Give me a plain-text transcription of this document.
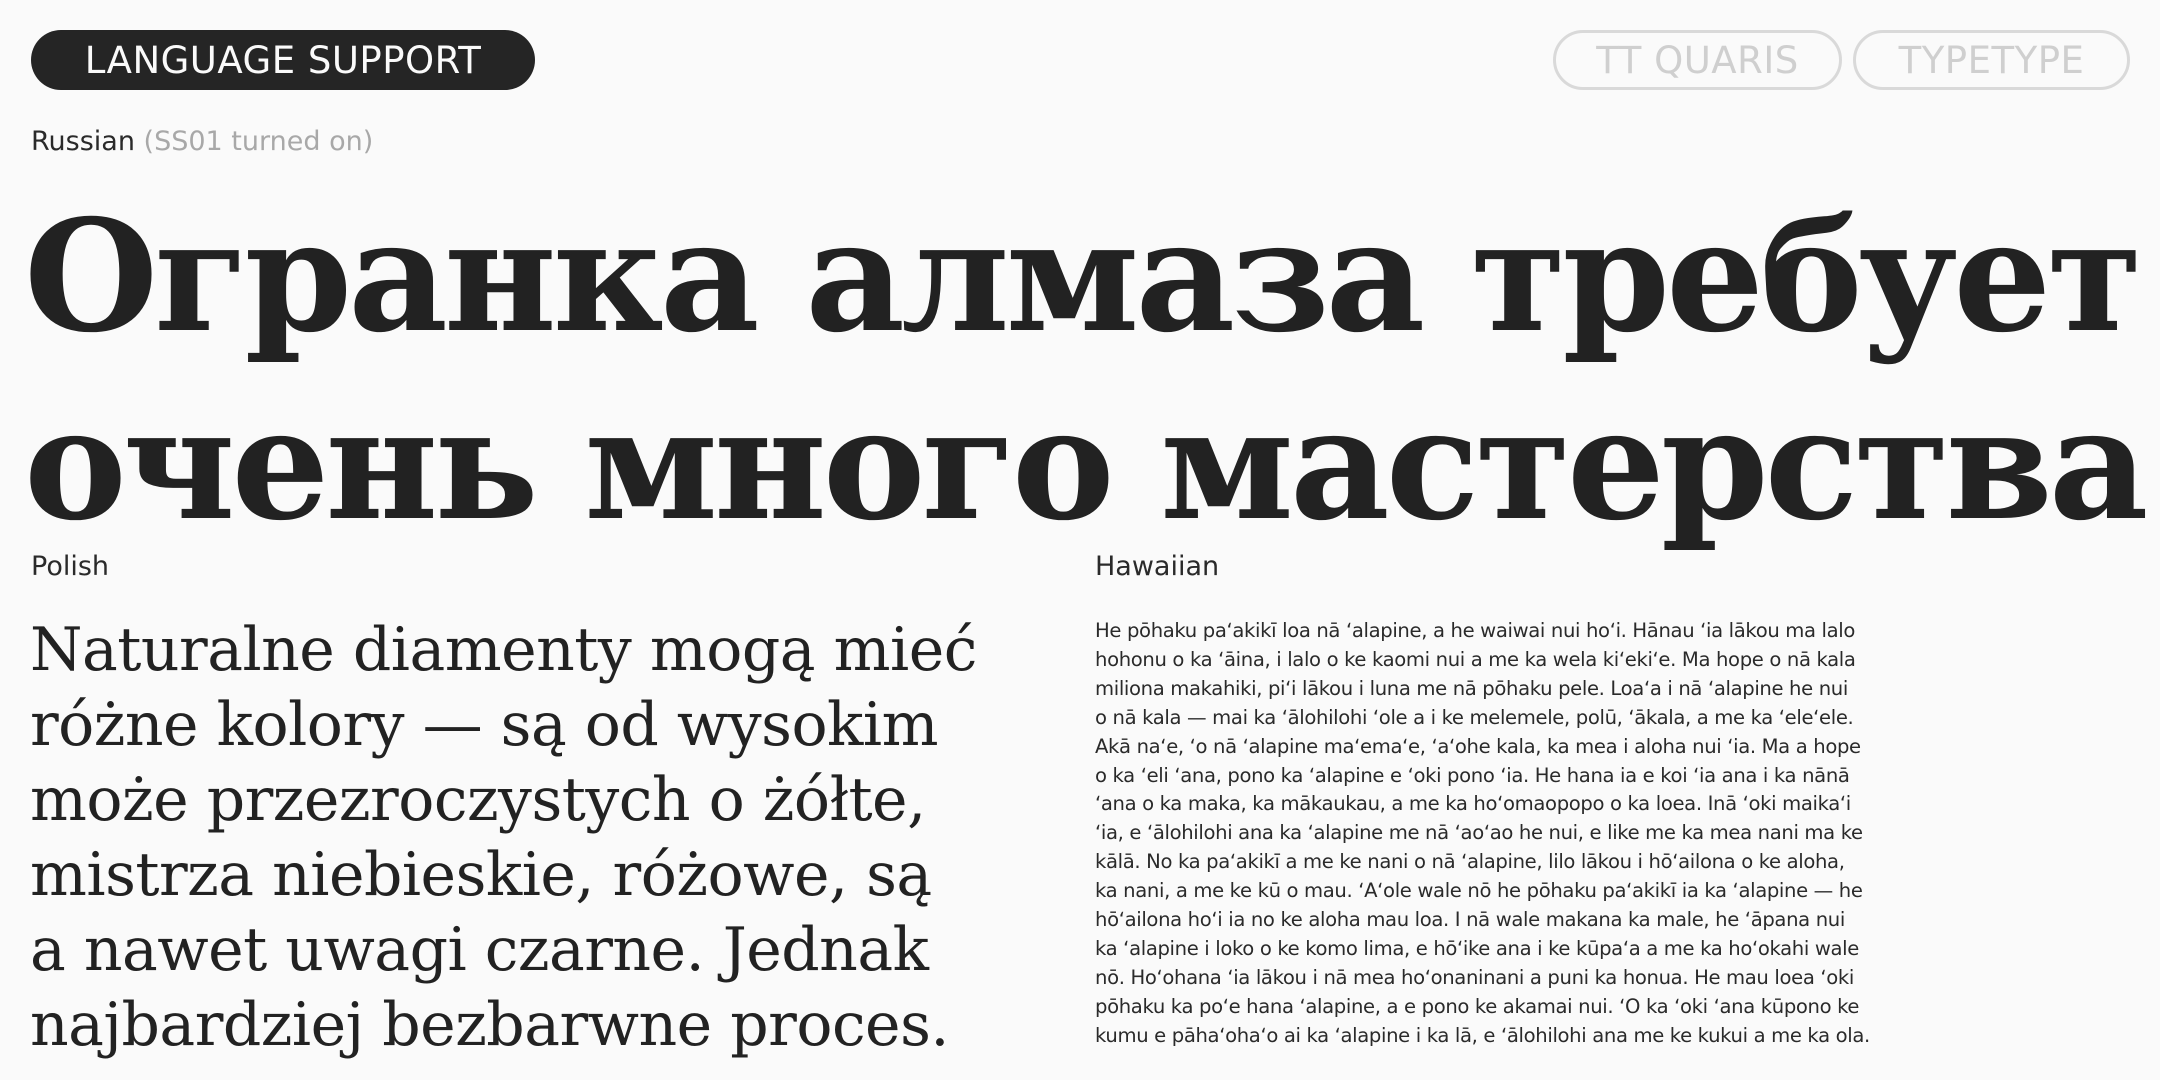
LANGUAGE SUPPORT	TT QUARIS	TYPETYPE
Russian (SS01 turned on)
Огранка алмаза требует
очень много мастерства
Polish	Hawaiian
Naturalne diamenty mogą mieć
różne kolory — są od wysokim
może przezroczystych o żółte,
mistrza niebieskie, różowe, są
a nawet uwagi czarne. Jednak
najbardziej bezbarwne proces.
He pōhaku paʻakikī loa nā ʻalapine, a he waiwai nui hoʻi. Hānau ʻia lākou ma lalo
hohonu o ka ʻāina, i lalo o ke kaomi nui a me ka wela kiʻekiʻe. Ma hope o nā kala
miliona makahiki, piʻi lākou i luna me nā pōhaku pele. Loaʻa i nā ʻalapine he nui
o nā kala — mai ka ʻālohilohi ʻole a i ke melemele, polū, ʻākala, a me ka ʻeleʻele.
Akā naʻe, ʻo nā ʻalapine maʻemaʻe, ʻaʻohe kala, ka mea i aloha nui ʻia. Ma a hope
o ka ʻeli ʻana, pono ka ʻalapine e ʻoki pono ʻia. He hana ia e koi ʻia ana i ka nānā
ʻana o ka maka, ka mākaukau, a me ka hoʻomaopopo o ka loea. Inā ʻoki maikaʻi
ʻia, e ʻālohilohi ana ka ʻalapine me nā ʻaoʻao he nui, e like me ka mea nani ma ke
kālā. No ka paʻakikī a me ke nani o nā ʻalapine, lilo lākou i hōʻailona o ke aloha,
ka nani, a me ke kū o mau. ʻAʻole wale nō he pōhaku paʻakikī ia ka ʻalapine — he
hōʻailona hoʻi ia no ke aloha mau loa. I nā wale makana ka male, he ʻāpana nui
ka ʻalapine i loko o ke komo lima, e hōʻike ana i ke kūpaʻa a me ka hoʻokahi wale
nō. Hoʻohana ʻia lākou i nā mea hoʻonaninani a puni ka honua. He mau loea ʻoki
pōhaku ka poʻe hana ʻalapine, a e pono ke akamai nui. ʻO ka ʻoki ʻana kūpono ke
kumu e pāhaʻohaʻo ai ka ʻalapine i ka lā, e ʻālohilohi ana me ke kukui a me ka ola.
